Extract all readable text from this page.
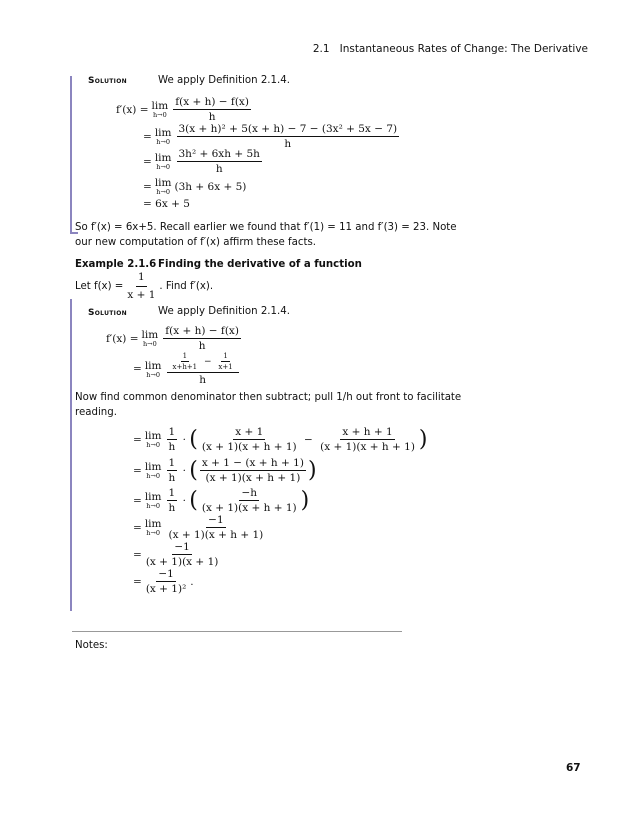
2.1 Instantaneous Rates of Change: The Derivative
Solution	We apply Definition 2.1.4.
f′(x) = lim
$h\to 0 \frac{f(x + h) - f(x)}{h}$
= lim
$h\to 0 \frac{\text{3(x + h)² + 5(x + h) − 7 − (3x² + 5x − 7)}}{h}$
= lim
$h\to 0 \frac{\text{3h² + 6xh + 5h}}{h}$
= lim
h→0 (3h + 6x + 5)
= 6x + 5
So f′(x) = 6x+5. Recall earlier we found that f′(1) = 11 and f′(3) = 23. Note
our new computation of f′(x) affirm these facts.
Example 2.1.6 Finding the derivative of a function
Let $f(x) = \frac{1}{x + 1}$ . Find f′(x).
Solution	We apply Definition 2.1.4.
f′(x) = lim
$h\to 0 \frac{f(x + h) - f(x)}{h}$
= lim
$h\to 0 \frac{\frac{1}{x+h+1} - \frac{1}{x+1}}{h}$
Now find common denominator then subtract; pull 1/h out front to facilitate
reading.
= lim
$h\to 0 \frac{1}{h}$ · ( $\frac{x + 1}{(x + 1)(x + h + 1)} - \frac{x + h + 1}{(x + 1)(x + h + 1)}$ )
= lim
$h\to 0 \frac{1}{h}$ · ( $\frac{x + 1 - (x + h + 1)}{(x + 1)(x + h + 1)}$ )
= lim
$h\to 0 \frac{1}{h}$ · ( $\frac{-h}{(x + 1)(x + h + 1)}$ )
= lim
$h\to 0 \frac{-1}{(x + 1)(x + h + 1)}$
= $\frac{-1}{(x + 1)(x + 1)}$
= $\frac{-1}{\text{(x + 1)²}}$ .
Notes:
67
